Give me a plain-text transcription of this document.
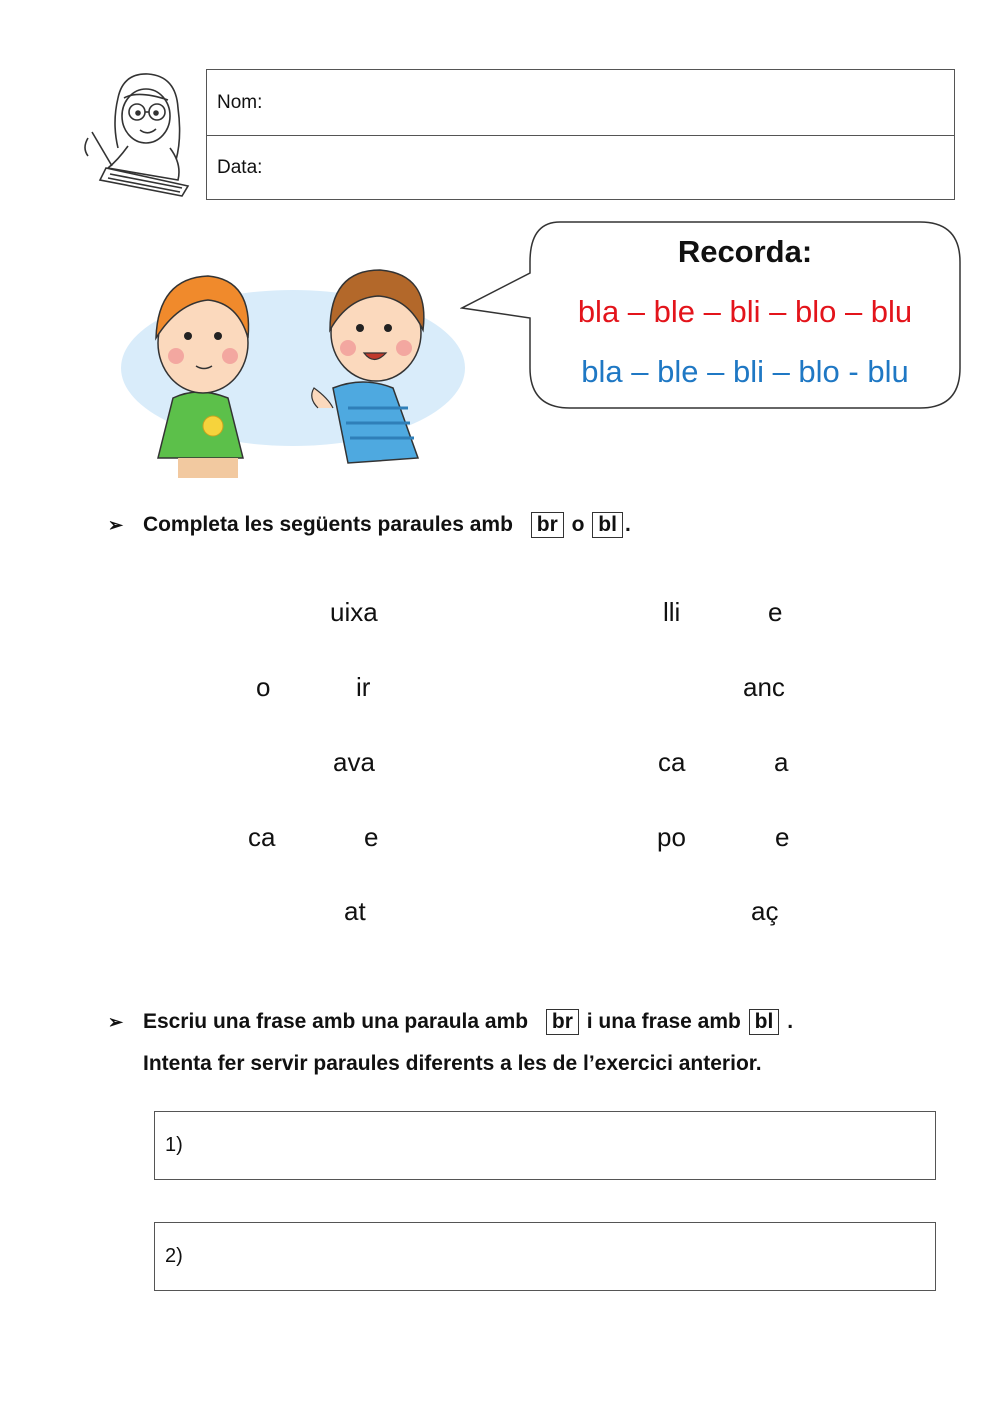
Nom:
Data:
Recorda:
bla – ble – bli – blo – blu
bla – ble – bli – blo - blu
➢ Completa les següents paraules amb br o bl .
uixa
o	ir
ava
ca	e
at
lli	e
anc
ca	a
po	e
aç
➢ Escriu una frase amb una paraula amb br i una frase amb bl .
Intenta fer servir paraules diferents a les de l’exercici anterior.
1)
2)
